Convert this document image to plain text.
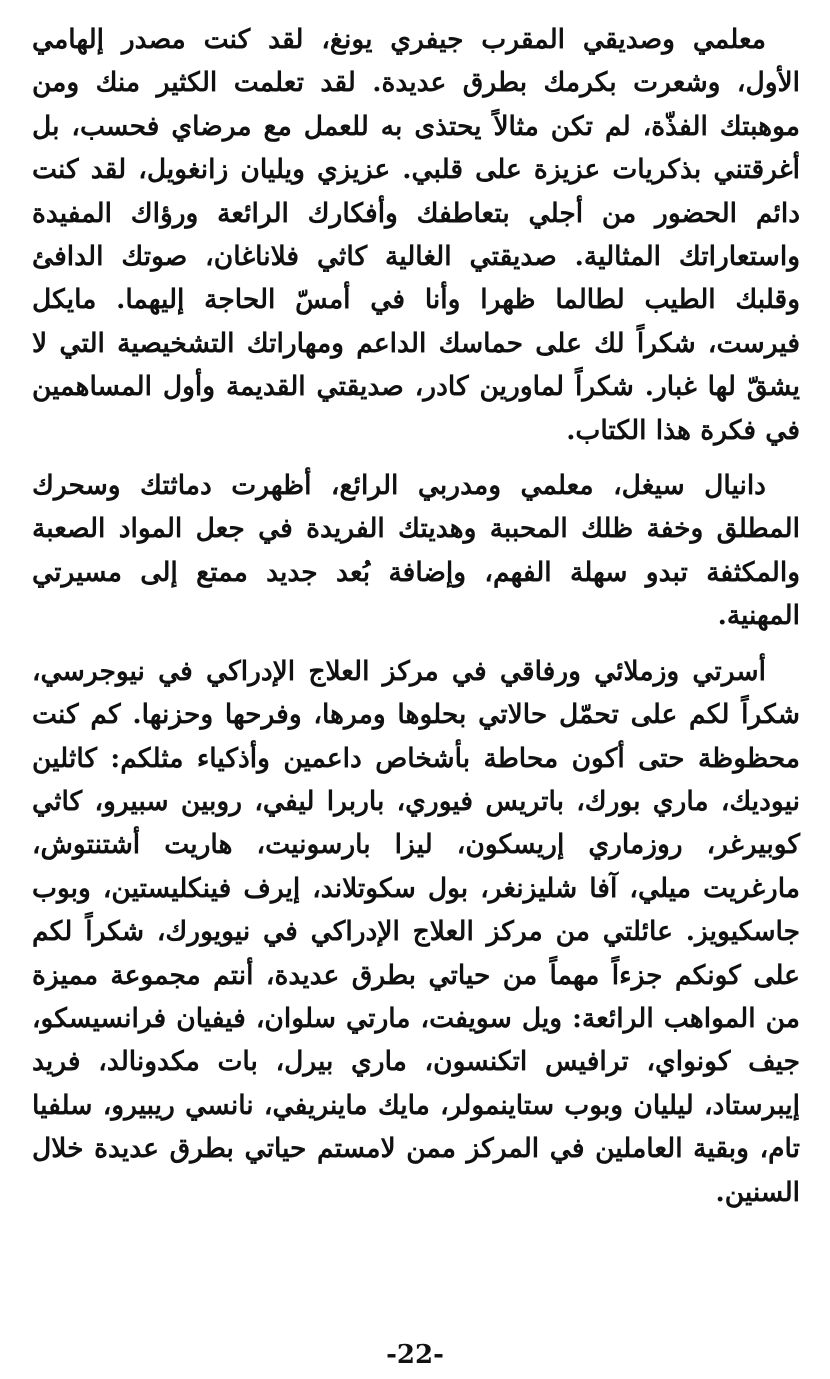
معلمي وصديقي المقرب جيفري يونغ، لقد كنت مصدر إلهامي الأول، وشعرت بكرمك بطرق عديدة. لقد تعلمت الكثير منك ومن موهبتك الفذّة، لم تكن مثالاً يحتذى به للعمل مع مرضاي فحسب، بل أغرقتني بذكريات عزيزة على قلبي. عزيزي ويليان زانغويل، لقد كنت دائم الحضور من أجلي بتعاطفك وأفكارك الرائعة ورؤاك المفيدة واستعاراتك المثالية. صديقتي الغالية كاثي فلاناغان، صوتك الدافئ وقلبك الطيب لطالما ظهرا وأنا في أمسّ الحاجة إليهما. مايكل فيرست، شكراً لك على حماسك الداعم ومهاراتك التشخيصية التي لا يشقّ لها غبار. شكراً لماورين كادر، صديقتي القديمة وأول المساهمين في فكرة هذا الكتاب.

دانيال سيغل، معلمي ومدربي الرائع، أظهرت دماثتك وسحرك المطلق وخفة ظلك المحببة وهديتك الفريدة في جعل المواد الصعبة والمكثفة تبدو سهلة الفهم، وإضافة بُعد جديد ممتع إلى مسيرتي المهنية.

أسرتي وزملائي ورفاقي في مركز العلاج الإدراكي في نيوجرسي، شكراً لكم على تحمّل حالاتي بحلوها ومرها، وفرحها وحزنها. كم كنت محظوظة حتى أكون محاطة بأشخاص داعمين وأذكياء مثلكم: كاثلين نيوديك، ماري بورك، باتريس فيوري، باربرا ليفي، روبين سبيرو، كاثي كوبيرغر، روزماري إريسكون، ليزا بارسونيت، هاريت أشتنتوش، مارغريت ميلي، آفا شليزنغر، بول سكوتلاند، إيرف فينكليستين، وبوب جاسكيويز. عائلتي من مركز العلاج الإدراكي في نيويورك، شكراً لكم على كونكم جزءاً مهماً من حياتي بطرق عديدة، أنتم مجموعة مميزة من المواهب الرائعة: ويل سويفت، مارتي سلوان، فيفيان فرانسيسكو، جيف كونواي، ترافيس اتكنسون، ماري بيرل، بات مكدونالد، فريد إيبرستاد، ليليان وبوب ستاينمولر، مايك ماينريفي، نانسي ريبيرو، سلفيا تام، وبقية العاملين في المركز ممن لامستم حياتي بطرق عديدة خلال السنين.

-22-
